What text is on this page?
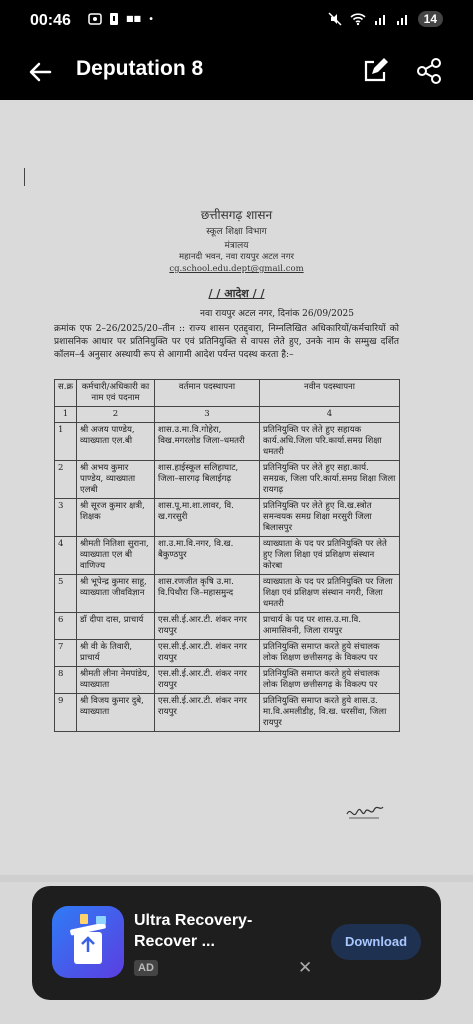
00:46	■■ •	14
Deputation 8
छत्तीसगढ़ शासन
स्कूल शिक्षा विभाग
मंत्रालय
महानदी भवन, नवा रायपुर अटल नगर
cg.school.edu.dept@gmail.com
/ / आदेश / /
नवा रायपुर अटल नगर, दिनांक 26/09/2025
क्रमांक एफ 2–26/2025/20–तीन :: राज्य शासन एतद्द्वारा, निम्नलिखित अधिकारियों/कर्मचारियों को प्रशासनिक आधार पर प्रतिनियुक्ति पर एवं प्रतिनियुक्ति से वापस लेते हुए, उनके नाम के सम्मुख दर्शित कॉलम–4 अनुसार अस्थायी रूप से आगामी आदेश पर्यन्त पदस्थ करता है:–
स.क्र	कर्मचारी/अधिकारी का नाम एवं पदनाम	वर्तमान पदस्थापना	नवीन पदस्थापना
1	2	3	4
1	श्री अजय पाण्डेय, व्याख्याता एल.बी	शास.उ.मा.वि.गोहेरा, विख.मगरलोड जिला–धमतरी	प्रतिनियुक्ति पर लेते हुए सहायक कार्य.अधि.जिला परि.कार्या.समग्र शिक्षा धमतरी
2	श्री अभय कुमार पाण्डेय, व्याख्याता एलबी	शास.हाईस्कूल सलिहाघाट, जिला–सारगढ़ बिलाईगढ़	प्रतिनियुक्ति पर लेते हुए सहा.कार्य. समग्रक, जिला परि.कार्या.समग्र शिक्षा जिला रायगढ़
3	श्री सूरज कुमार क्षत्री, शिक्षक	शास.पू.मा.शा.लावर, वि. ख.गरसुरी	प्रतिनियुक्ति पर लेते हुए वि.ख.स्त्रोत समन्वयक समग्र शिक्षा मरसुरी जिला बिलासपुर
4	श्रीमती नितिशा सुराना, व्याख्याता एल बी वाणिज्य	शा.उ.मा.वि.नगर, वि.ख. बैकुण्ठपुर	व्याख्याता के पद पर प्रतिनियुक्ति पर लेते हुए जिला शिक्षा एवं प्रशिक्षण संस्थान कोरबा
5	श्री भूपेन्द्र कुमार साहू, व्याख्याता जीवविज्ञान	शास.रणजीत कृषि उ.मा. वि.पिथौरा जि–महासमुन्द	व्याख्याता के पद पर प्रतिनियुक्ति पर जिला शिक्षा एवं प्रशिक्षण संस्थान नगरी, जिला धमतरी
6	डॉ दीपा दास, प्राचार्य	एस.सी.ई.आर.टी. शंकर नगर रायपुर	प्राचार्य के पद पर शास.उ.मा.वि. आमासिवनी, जिला रायपुर
7	श्री वी के तिवारी, प्राचार्य	एस.सी.ई.आर.टी. शंकर नगर रायपुर	प्रतिनियुक्ति समाप्त करते हुये संचालक लोक शिक्षण छत्तीसगढ़ के विकल्प पर
8	श्रीमती लीना नेमपांडेय, व्याख्याता	एस.सी.ई.आर.टी. शंकर नगर रायपुर	प्रतिनियुक्ति समाप्त करते हुये संचालक लोक शिक्षण छत्तीसगढ़ के विकल्प पर
9	श्री विजय कुमार दुबे, व्याख्याता	एस.सी.ई.आर.टी. शंकर नगर रायपुर	प्रतिनियुक्ति समाप्त करते हुये शास.उ. मा.वि.अमलीडीह, वि.ख. धरसींवा, जिला रायपुर
Ultra Recovery-Recover ...
AD	✕
Download
